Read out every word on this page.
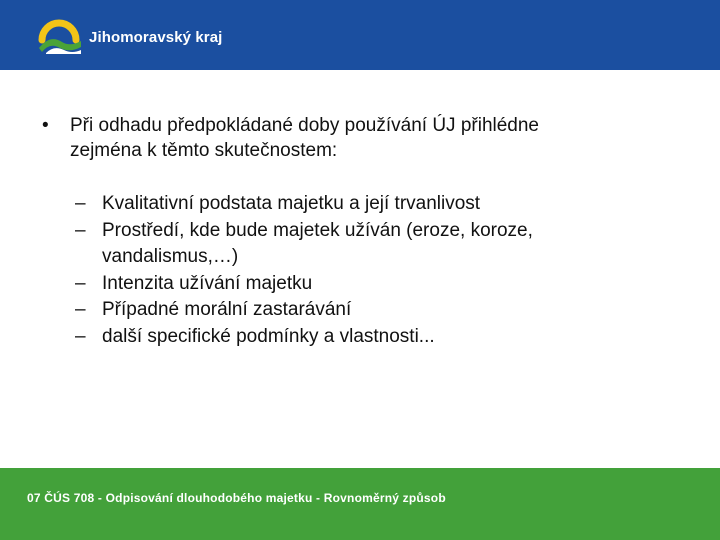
Jihomoravský kraj
•	Při odhadu předpokládané doby používání ÚJ přihlédne zejména k těmto skutečnostem:
– Kvalitativní podstata majetku a její trvanlivost
– Prostředí, kde bude majetek užíván (eroze, koroze, vandalismus,…)
– Intenzita užívání majetku
– Případné morální zastarávání
– další specifické podmínky a vlastnosti...
07 ČÚS 708 - Odpisování dlouhodobého majetku - Rovnoměrný způsob
